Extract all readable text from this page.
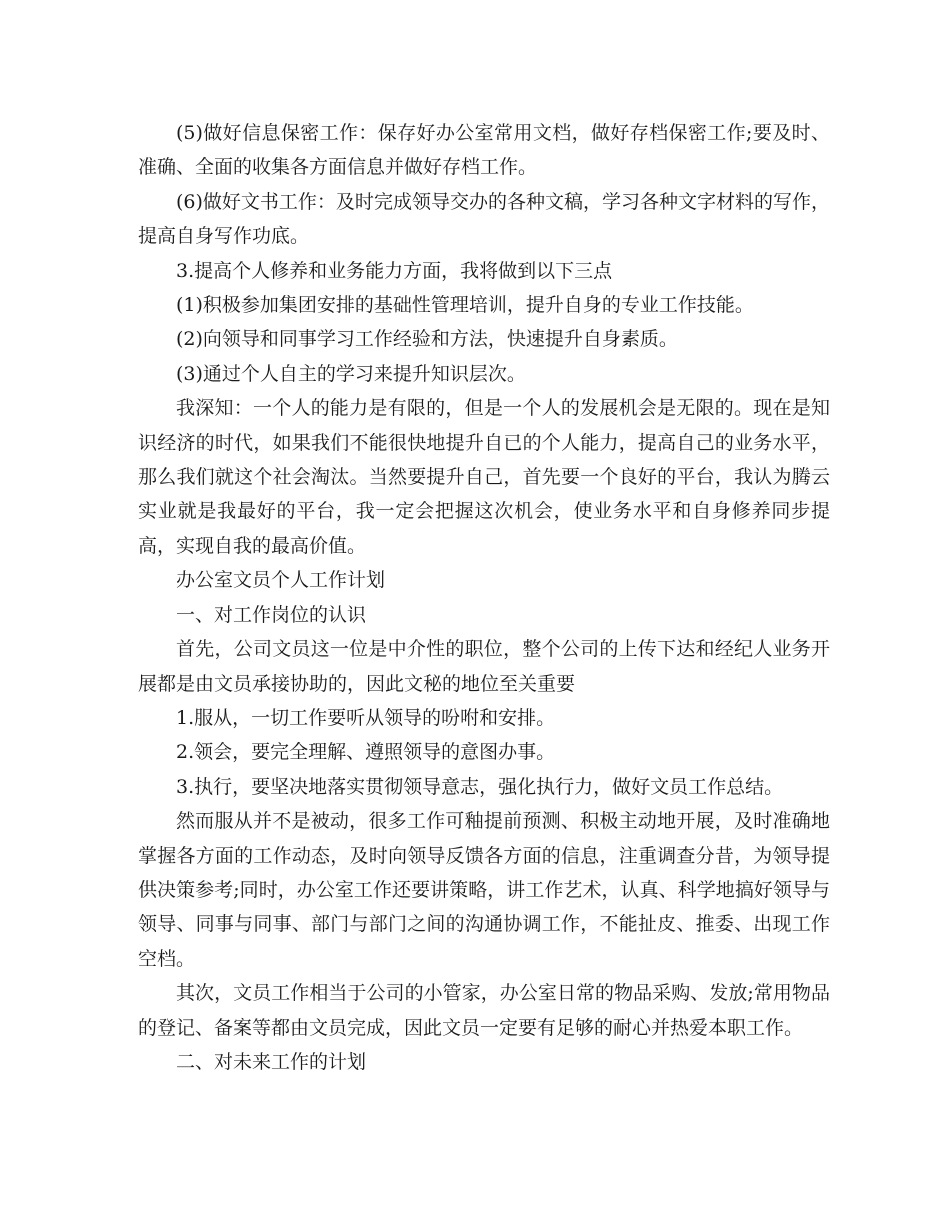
(5)做好信息保密工作：保存好办公室常用文档，做好存档保密工作;要及时、准确、全面的收集各方面信息并做好存档工作。

(6)做好文书工作：及时完成领导交办的各种文稿，学习各种文字材料的写作，提高自身写作功底。

3.提高个人修养和业务能力方面，我将做到以下三点

(1)积极参加集团安排的基础性管理培训，提升自身的专业工作技能。

(2)向领导和同事学习工作经验和方法，快速提升自身素质。

(3)通过个人自主的学习来提升知识层次。

我深知：一个人的能力是有限的，但是一个人的发展机会是无限的。现在是知识经济的时代，如果我们不能很快地提升自已的个人能力，提高自己的业务水平，那么我们就这个社会淘汰。当然要提升自己，首先要一个良好的平台，我认为腾云实业就是我最好的平台，我一定会把握这次机会，使业务水平和自身修养同步提高，实现自我的最高价值。

办公室文员个人工作计划

一、对工作岗位的认识

首先，公司文员这一位是中介性的职位，整个公司的上传下达和经纪人业务开展都是由文员承接协助的，因此文秘的地位至关重要

1.服从，一切工作要听从领导的吩咐和安排。

2.领会，要完全理解、遵照领导的意图办事。

3.执行，要坚决地落实贯彻领导意志，强化执行力，做好文员工作总结。

然而服从并不是被动，很多工作可釉提前预测、积极主动地开展，及时准确地掌握各方面的工作动态，及时向领导反馈各方面的信息，注重调查分昔，为领导提供决策参考;同时，办公室工作还要讲策略，讲工作艺术，认真、科学地搞好领导与领导、同事与同事、部门与部门之间的沟通协调工作，不能扯皮、推委、出现工作空档。

其次，文员工作相当于公司的小管家，办公室日常的物品采购、发放;常用物品的登记、备案等都由文员完成，因此文员一定要有足够的耐心并热爱本职工作。

二、对未来工作的计划
